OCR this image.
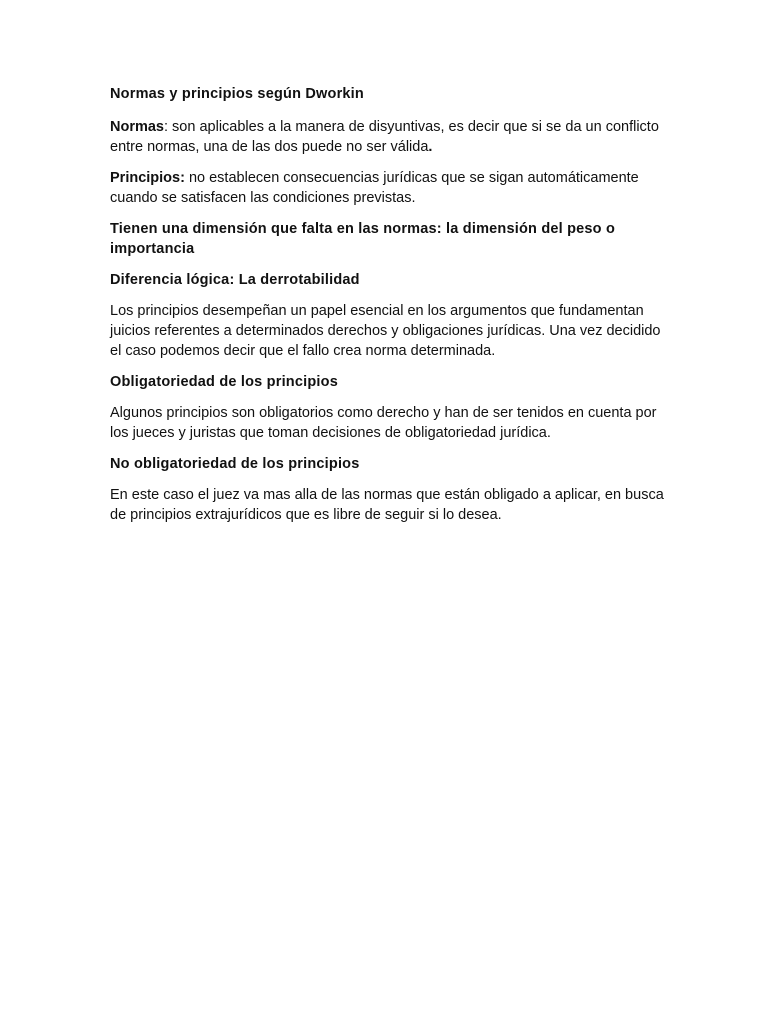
Normas y principios según Dworkin
Normas: son aplicables a la manera de disyuntivas, es decir que si se da un conflicto entre normas, una de las dos puede no ser válida.
Principios: no establecen consecuencias jurídicas que se sigan automáticamente cuando se satisfacen las condiciones previstas.
Tienen una dimensión que falta en las normas: la dimensión del peso o importancia
Diferencia lógica: La derrotabilidad
Los principios desempeñan un papel esencial en los argumentos que fundamentan juicios referentes a determinados derechos y obligaciones jurídicas. Una vez decidido el caso podemos decir que el fallo crea norma determinada.
Obligatoriedad de los principios
Algunos principios son obligatorios como derecho y han de ser tenidos en cuenta por los jueces y juristas que toman decisiones de obligatoriedad jurídica.
No obligatoriedad de los principios
En este caso el juez va mas alla de las normas que están obligado a aplicar, en busca de principios extrajurídicos que es libre de seguir si lo desea.
